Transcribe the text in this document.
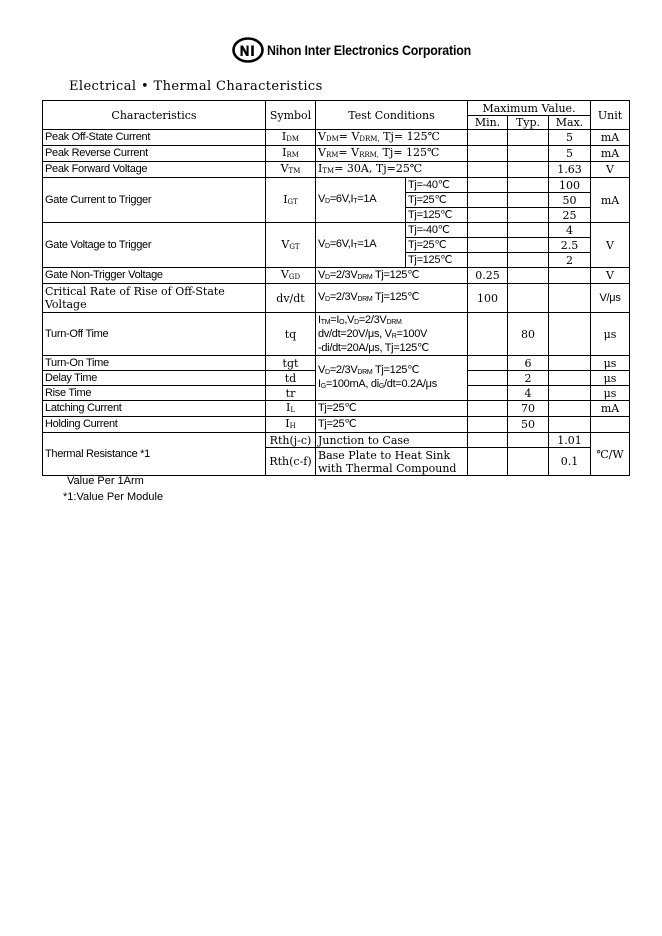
Nihon Inter Electronics Corporation
Electrical • Thermal Characteristics
Characteristics	Symbol	Test Conditions		Maximum Value.			Unit
				Min.	Typ.	Max.	
Peak Off-State Current	$I_{DM}$	$V_{DM}= V_{DRM,}$ Tj= 125℃				5	mA
Peak Reverse Current	$I_{RM}$	$V_{RM}= V_{RRM,}$ Tj= 125℃				5	mA
Peak Forward Voltage	$V_{TM}$	$I_{TM}= 30A$, Tj=25℃				1.63	V
Gate Current to Trigger	$I_{GT}$	$V_D=6V,I_T=1A$	Tj=-40℃			100	mA
			Tj=25℃			50	
			Tj=125℃			25	
Gate Voltage to Trigger	$V_{GT}$	$V_D=6V,I_T=1A$	Tj=-40℃			4	V
			Tj=25℃			2.5	
			Tj=125℃			2	
Gate Non-Trigger Voltage	$V_{GD}$	$V_D=2/3V_{DRM}$ Tj=125℃		0.25			V
Critical Rate of Rise of Off-State Voltage	dv/dt	$V_D=2/3V_{DRM}$ Tj=125℃		100			V/μs
Turn-Off Time	tq	$I_{TM}=I_O,V_D=2/3V_{DRM}$
dv/dt=20V/μs, $V_R=100V$
-di/dt=20A/μs, Tj=125℃			80		μs
Turn-On Time	tgt	$V_D=2/3V_{DRM}$ Tj=125℃
$I_G=100mA$, $di_G/dt=0.2A/\mu s$			6		μs
Delay Time	td				2		μs
Rise Time	tr				4		μs
Latching Current	$I_L$	Tj=25℃			70		mA
Holding Current	$I_H$	Tj=25℃			50		
Thermal Resistance *1	Rth(j-c)	Junction to Case				1.01	℃/W
	Rth(c-f)	Base Plate to Heat Sink with Thermal Compound				0.1	
Value Per 1Arm
*1:Value Per Module
